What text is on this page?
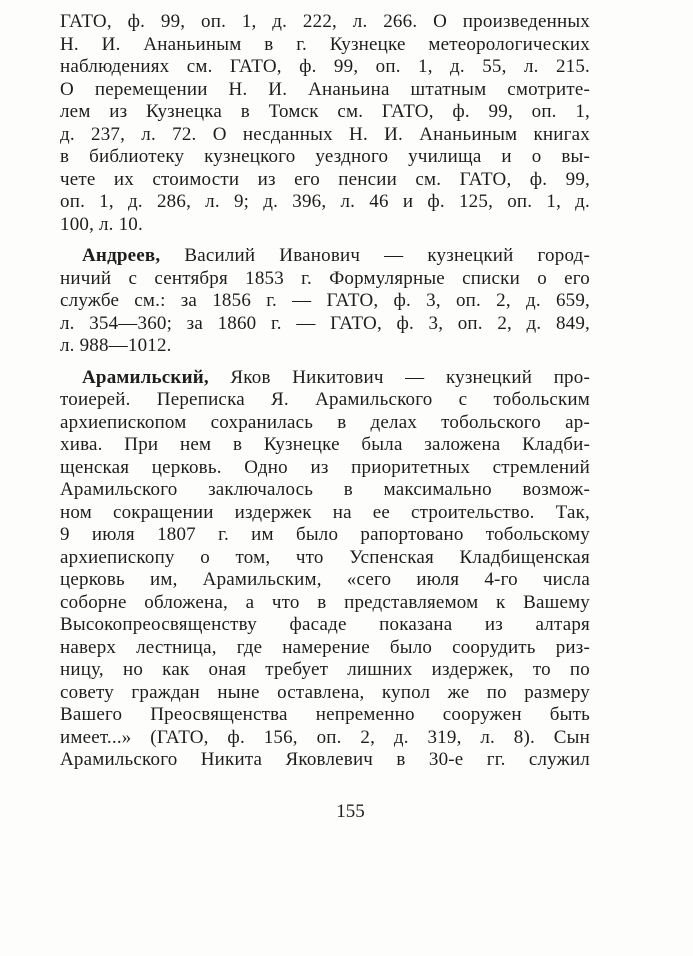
ГАТО, ф. 99, оп. 1, д. 222, л. 266. О произведенных
Н. И. Ананьиным в г. Кузнецке метеорологических
наблюдениях см. ГАТО, ф. 99, оп. 1, д. 55, л. 215.
О перемещении Н. И. Ананьина штатным смотрите-
лем из Кузнецка в Томск см. ГАТО, ф. 99, оп. 1,
д. 237, л. 72. О несданных Н. И. Ананьиным книгах
в библиотеку кузнецкого уездного училища и о вы-
чете их стоимости из его пенсии см. ГАТО, ф. 99,
оп. 1, д. 286, л. 9; д. 396, л. 46 и ф. 125, оп. 1, д.
100, л. 10.
Андреев, Василий Иванович — кузнецкий город-
ничий с сентября 1853 г. Формулярные списки о его
службе см.: за 1856 г. — ГАТО, ф. 3, оп. 2, д. 659,
л. 354—360; за 1860 г. — ГАТО, ф. 3, оп. 2, д. 849,
л. 988—1012.
Арамильский, Яков Никитович — кузнецкий про-
тоиерей. Переписка Я. Арамильского с тобольским
архиепископом сохранилась в делах тобольского ар-
хива. При нем в Кузнецке была заложена Кладби-
щенская церковь. Одно из приоритетных стремлений
Арамильского заключалось в максимально возмож-
ном сокращении издержек на ее строительство. Так,
9 июля 1807 г. им было рапортовано тобольскому
архиепископу о том, что Успенская Кладбищенская
церковь им, Арамильским, «сего июля 4-го числа
соборне обложена, а что в представляемом к Вашему
Высокопреосвященству фасаде показана из алтаря
наверх лестница, где намерение было соорудить риз-
ницу, но как оная требует лишних издержек, то по
совету граждан ныне оставлена, купол же по размеру
Вашего Преосвященства непременно сооружен быть
имеет...» (ГАТО, ф. 156, оп. 2, д. 319, л. 8). Сын
Арамильского Никита Яковлевич в 30-е гг. служил
155
